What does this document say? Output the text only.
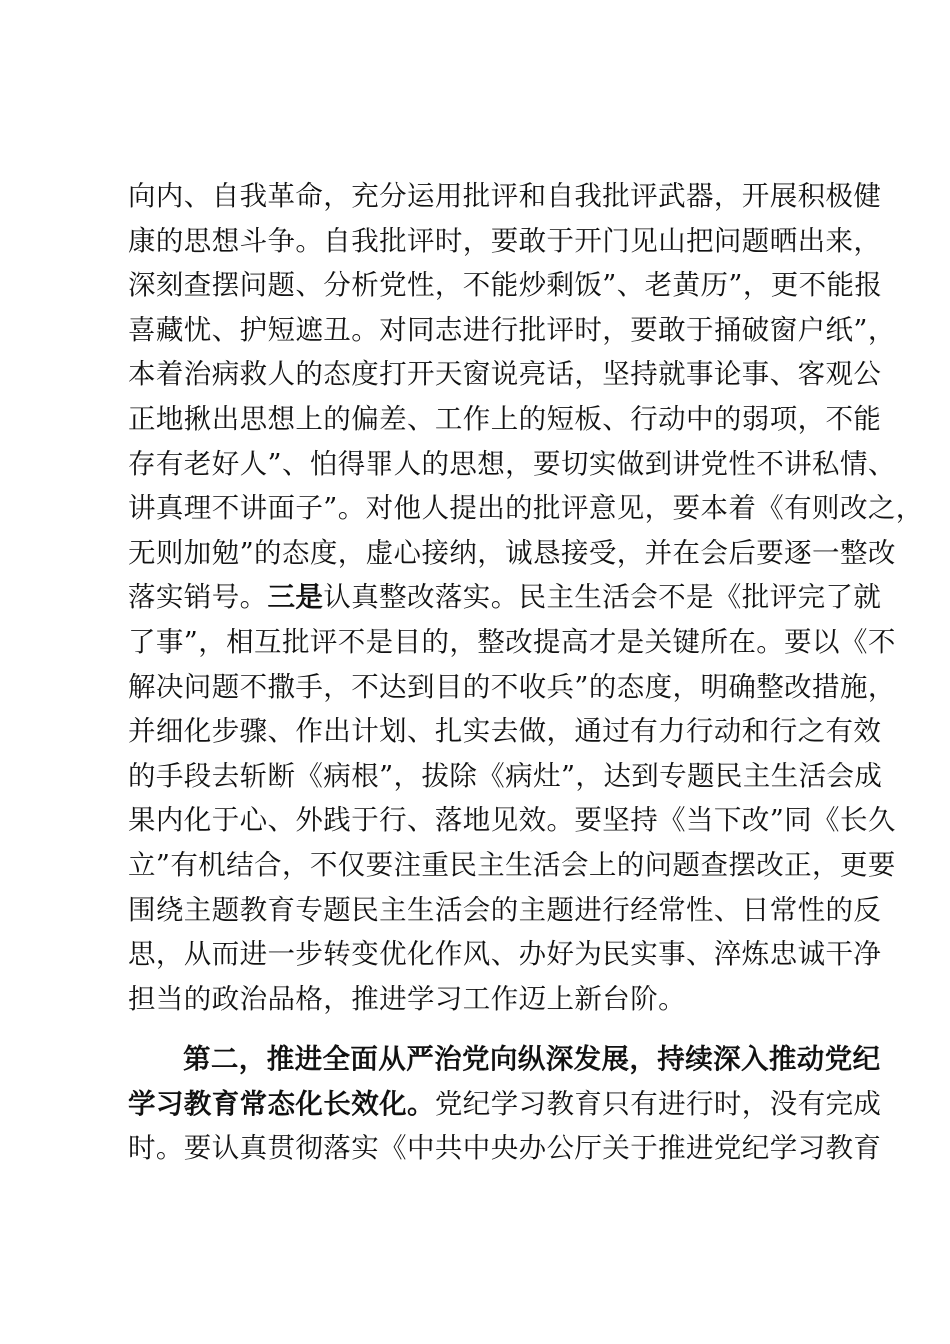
向内、自我革命，充分运用批评和自我批评武器，开展积极健
康的思想斗争。自我批评时，要敢于开门见山把问题晒出来，
深刻查摆问题、分析党性，不能炒剩饭”、老黄历”，更不能报
喜藏忧、护短遮丑。对同志进行批评时，要敢于捅破窗户纸”，
本着治病救人的态度打开天窗说亮话，坚持就事论事、客观公
正地揪出思想上的偏差、工作上的短板、行动中的弱项，不能
存有老好人”、怕得罪人的思想，要切实做到讲党性不讲私情、
讲真理不讲面子”。对他人提出的批评意见，要本着《有则改之，
无则加勉”的态度，虚心接纳，诚恳接受，并在会后要逐一整改
落实销号。三是认真整改落实。民主生活会不是《批评完了就
了事”，相互批评不是目的，整改提高才是关键所在。要以《不
解决问题不撒手，不达到目的不收兵”的态度，明确整改措施，
并细化步骤、作出计划、扎实去做，通过有力行动和行之有效
的手段去斩断《病根”，拔除《病灶”，达到专题民主生活会成
果内化于心、外践于行、落地见效。要坚持《当下改”同《长久
立”有机结合，不仅要注重民主生活会上的问题查摆改正，更要
围绕主题教育专题民主生活会的主题进行经常性、日常性的反
思，从而进一步转变优化作风、办好为民实事、淬炼忠诚干净
担当的政治品格，推进学习工作迈上新台阶。
第二，推进全面从严治党向纵深发展，持续深入推动党纪
学习教育常态化长效化。党纪学习教育只有进行时，没有完成
时。要认真贯彻落实《中共中央办公厅关于推进党纪学习教育
